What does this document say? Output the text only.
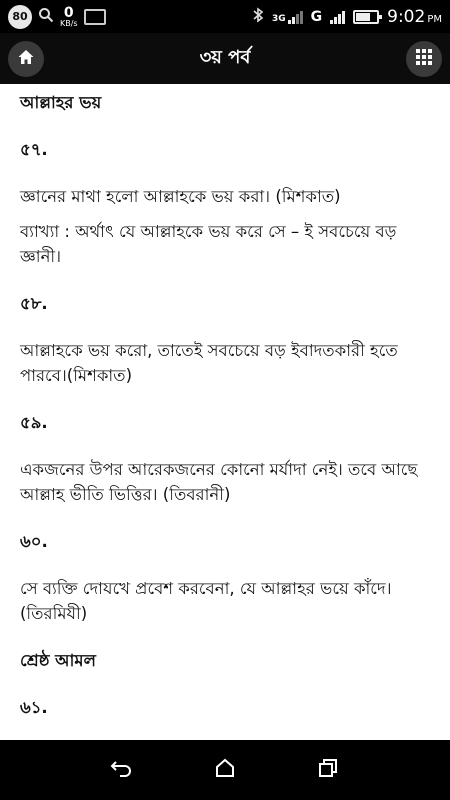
80	0
KB/s	3G G	9:02 PM
৩য় পর্ব
আল্লাহর ভয়
৫৭.
জ্ঞানের মাথা হলো আল্লাহকে ভয় করা। (মিশকাত)
ব্যাখ্যা : অর্থাৎ যে আল্লাহকে ভয় করে সে – ই সবচেয়ে বড় জ্ঞানী।
৫৮.
আল্লাহকে ভয় করো, তাতেই সবচেয়ে বড় ইবাদতকারী হতে পারবে।(মিশকাত)
৫৯.
একজনের উপর আরেকজনের কোনো মর্যাদা নেই। তবে আছে আল্লাহ ভীতি ভিত্তির। (তিবরানী)
৬০.
সে ব্যক্তি দোযখে প্রবেশ করবেনা, যে আল্লাহর ভয়ে কাঁদে। (তিরমিযী)
শ্রেষ্ঠ আমল
৬১.
